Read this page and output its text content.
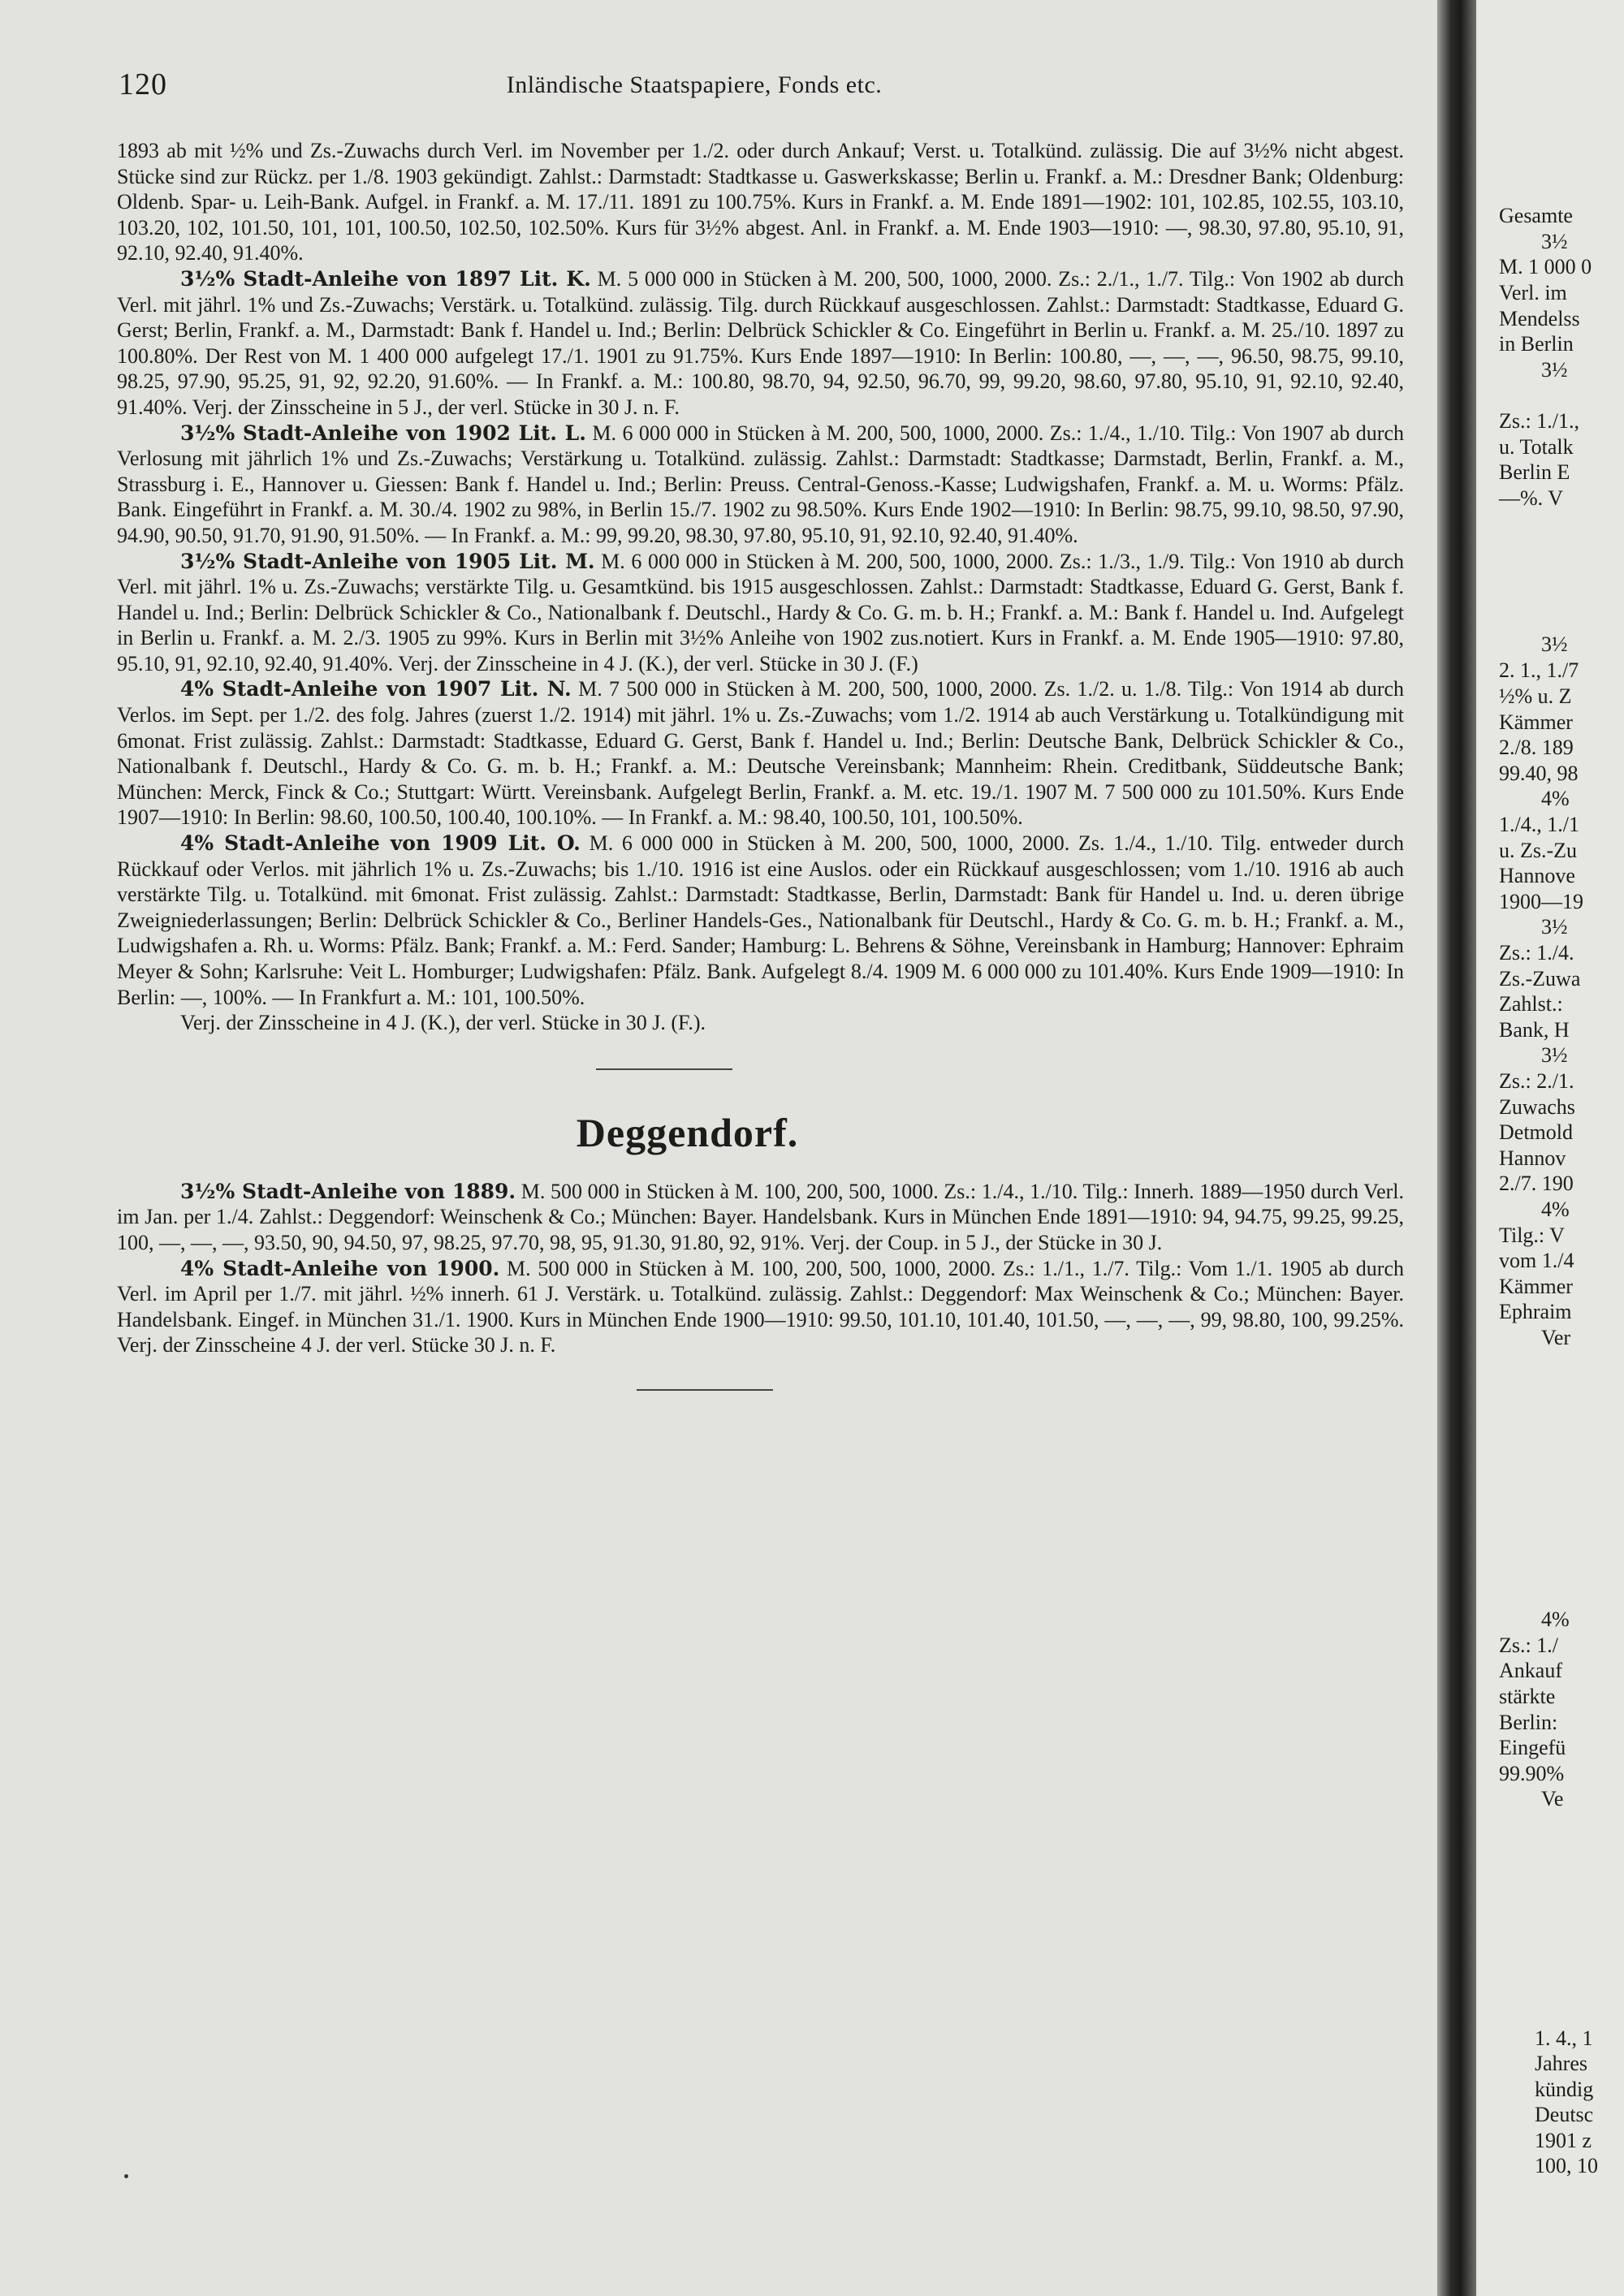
120	Inländische Staatspapiere, Fonds etc.

1893 ab mit ½% und Zs.-Zuwachs durch Verl. im November per 1./2. oder durch Ankauf; Verst. u. Totalkünd. zulässig. Die auf 3½% nicht abgest. Stücke sind zur Rückz. per 1./8. 1903 gekündigt. Zahlst.: Darmstadt: Stadtkasse u. Gaswerkskasse; Berlin u. Frankf. a. M.: Dresdner Bank; Oldenburg: Oldenb. Spar- u. Leih-Bank. Aufgel. in Frankf. a. M. 17./11. 1891 zu 100.75%. Kurs in Frankf. a. M. Ende 1891—1902: 101, 102.85, 102.55, 103.10, 103.20, 102, 101.50, 101, 101, 100.50, 102.50, 102.50%. Kurs für 3½% abgest. Anl. in Frankf. a. M. Ende 1903—1910: —, 98.30, 97.80, 95.10, 91, 92.10, 92.40, 91.40%.

3½% Stadt-Anleihe von 1897 Lit. K. M. 5 000 000 in Stücken à M. 200, 500, 1000, 2000. Zs.: 2./1., 1./7. Tilg.: Von 1902 ab durch Verl. mit jährl. 1% und Zs.-Zuwachs; Verstärk. u. Totalkünd. zulässig. Tilg. durch Rückkauf ausgeschlossen. Zahlst.: Darmstadt: Stadtkasse, Eduard G. Gerst; Berlin, Frankf. a. M., Darmstadt: Bank f. Handel u. Ind.; Berlin: Delbrück Schickler & Co. Eingeführt in Berlin u. Frankf. a. M. 25./10. 1897 zu 100.80%. Der Rest von M. 1 400 000 aufgelegt 17./1. 1901 zu 91.75%. Kurs Ende 1897—1910: In Berlin: 100.80, —, —, —, 96.50, 98.75, 99.10, 98.25, 97.90, 95.25, 91, 92, 92.20, 91.60%. — In Frankf. a. M.: 100.80, 98.70, 94, 92.50, 96.70, 99, 99.20, 98.60, 97.80, 95.10, 91, 92.10, 92.40, 91.40%. Verj. der Zinsscheine in 5 J., der verl. Stücke in 30 J. n. F.

3½% Stadt-Anleihe von 1902 Lit. L. M. 6 000 000 in Stücken à M. 200, 500, 1000, 2000. Zs.: 1./4., 1./10. Tilg.: Von 1907 ab durch Verlosung mit jährlich 1% und Zs.-Zuwachs; Verstärkung u. Totalkünd. zulässig. Zahlst.: Darmstadt: Stadtkasse; Darmstadt, Berlin, Frankf. a. M., Strassburg i. E., Hannover u. Giessen: Bank f. Handel u. Ind.; Berlin: Preuss. Central-Genoss.-Kasse; Ludwigshafen, Frankf. a. M. u. Worms: Pfälz. Bank. Eingeführt in Frankf. a. M. 30./4. 1902 zu 98%, in Berlin 15./7. 1902 zu 98.50%. Kurs Ende 1902—1910: In Berlin: 98.75, 99.10, 98.50, 97.90, 94.90, 90.50, 91.70, 91.90, 91.50%. — In Frankf. a. M.: 99, 99.20, 98.30, 97.80, 95.10, 91, 92.10, 92.40, 91.40%.

3½% Stadt-Anleihe von 1905 Lit. M. M. 6 000 000 in Stücken à M. 200, 500, 1000, 2000. Zs.: 1./3., 1./9. Tilg.: Von 1910 ab durch Verl. mit jährl. 1% u. Zs.-Zuwachs; verstärkte Tilg. u. Gesamtkünd. bis 1915 ausgeschlossen. Zahlst.: Darmstadt: Stadtkasse, Eduard G. Gerst, Bank f. Handel u. Ind.; Berlin: Delbrück Schickler & Co., Nationalbank f. Deutschl., Hardy & Co. G. m. b. H.; Frankf. a. M.: Bank f. Handel u. Ind. Aufgelegt in Berlin u. Frankf. a. M. 2./3. 1905 zu 99%. Kurs in Berlin mit 3½% Anleihe von 1902 zus.notiert. Kurs in Frankf. a. M. Ende 1905—1910: 97.80, 95.10, 91, 92.10, 92.40, 91.40%. Verj. der Zinsscheine in 4 J. (K.), der verl. Stücke in 30 J. (F.)

4% Stadt-Anleihe von 1907 Lit. N. M. 7 500 000 in Stücken à M. 200, 500, 1000, 2000. Zs. 1./2. u. 1./8. Tilg.: Von 1914 ab durch Verlos. im Sept. per 1./2. des folg. Jahres (zuerst 1./2. 1914) mit jährl. 1% u. Zs.-Zuwachs; vom 1./2. 1914 ab auch Verstärkung u. Totalkündigung mit 6monat. Frist zulässig. Zahlst.: Darmstadt: Stadtkasse, Eduard G. Gerst, Bank f. Handel u. Ind.; Berlin: Deutsche Bank, Delbrück Schickler & Co., Nationalbank f. Deutschl., Hardy & Co. G. m. b. H.; Frankf. a. M.: Deutsche Vereinsbank; Mannheim: Rhein. Creditbank, Süddeutsche Bank; München: Merck, Finck & Co.; Stuttgart: Württ. Vereinsbank. Aufgelegt Berlin, Frankf. a. M. etc. 19./1. 1907 M. 7 500 000 zu 101.50%. Kurs Ende 1907—1910: In Berlin: 98.60, 100.50, 100.40, 100.10%. — In Frankf. a. M.: 98.40, 100.50, 101, 100.50%.

4% Stadt-Anleihe von 1909 Lit. O. M. 6 000 000 in Stücken à M. 200, 500, 1000, 2000. Zs. 1./4., 1./10. Tilg. entweder durch Rückkauf oder Verlos. mit jährlich 1% u. Zs.-Zuwachs; bis 1./10. 1916 ist eine Auslos. oder ein Rückkauf ausgeschlossen; vom 1./10. 1916 ab auch verstärkte Tilg. u. Totalkünd. mit 6monat. Frist zulässig. Zahlst.: Darmstadt: Stadtkasse, Berlin, Darmstadt: Bank für Handel u. Ind. u. deren übrige Zweigniederlassungen; Berlin: Delbrück Schickler & Co., Berliner Handels-Ges., Nationalbank für Deutschl., Hardy & Co. G. m. b. H.; Frankf. a. M., Ludwigshafen a. Rh. u. Worms: Pfälz. Bank; Frankf. a. M.: Ferd. Sander; Hamburg: L. Behrens & Söhne, Vereinsbank in Hamburg; Hannover: Ephraim Meyer & Sohn; Karlsruhe: Veit L. Homburger; Ludwigshafen: Pfälz. Bank. Aufgelegt 8./4. 1909 M. 6 000 000 zu 101.40%. Kurs Ende 1909—1910: In Berlin: —, 100%. — In Frankfurt a. M.: 101, 100.50%.

Verj. der Zinsscheine in 4 J. (K.), der verl. Stücke in 30 J. (F.).

Deggendorf.

3½% Stadt-Anleihe von 1889. M. 500 000 in Stücken à M. 100, 200, 500, 1000. Zs.: 1./4., 1./10. Tilg.: Innerh. 1889—1950 durch Verl. im Jan. per 1./4. Zahlst.: Deggendorf: Weinschenk & Co.; München: Bayer. Handelsbank. Kurs in München Ende 1891—1910: 94, 94.75, 99.25, 99.25, 100, —, —, —, 93.50, 90, 94.50, 97, 98.25, 97.70, 98, 95, 91.30, 91.80, 92, 91%. Verj. der Coup. in 5 J., der Stücke in 30 J.

4% Stadt-Anleihe von 1900. M. 500 000 in Stücken à M. 100, 200, 500, 1000, 2000. Zs.: 1./1., 1./7. Tilg.: Vom 1./1. 1905 ab durch Verl. im April per 1./7. mit jährl. ½% innerh. 61 J. Verstärk. u. Totalkünd. zulässig. Zahlst.: Deggendorf: Max Weinschenk & Co.; München: Bayer. Handelsbank. Eingef. in München 31./1. 1900. Kurs in München Ende 1900—1910: 99.50, 101.10, 101.40, 101.50, —, —, —, 99, 98.80, 100, 99.25%. Verj. der Zinsscheine 4 J. der verl. Stücke 30 J. n. F.

Gesamte
3½
M. 1 000 0
Verl. im
Mendelss
in Berlin
3½
Zs.: 1./1.,
u. Totalk
Berlin E
—%. V
3½
2. 1., 1./7
½% u. Z
Kämmer
2./8. 189
99.40, 98
4%
1./4., 1./1
u. Zs.-Zu
Hannove
1900—19
3½
Zs.: 1./4.
Zs.-Zuwa
Zahlst.:
Bank, H
3½
Zs.: 2./1.
Zuwachs
Detmold
Hannov
2./7. 190
4%
Tilg.: V
vom 1./4
Kämmer
Ephraim
Ver
4%
Zs.: 1./
Ankauf
stärkte
Berlin:
Eingefü
99.90%
Ve
1. 4., 1
Jahres
kündig
Deutsc
1901 z
100, 10
